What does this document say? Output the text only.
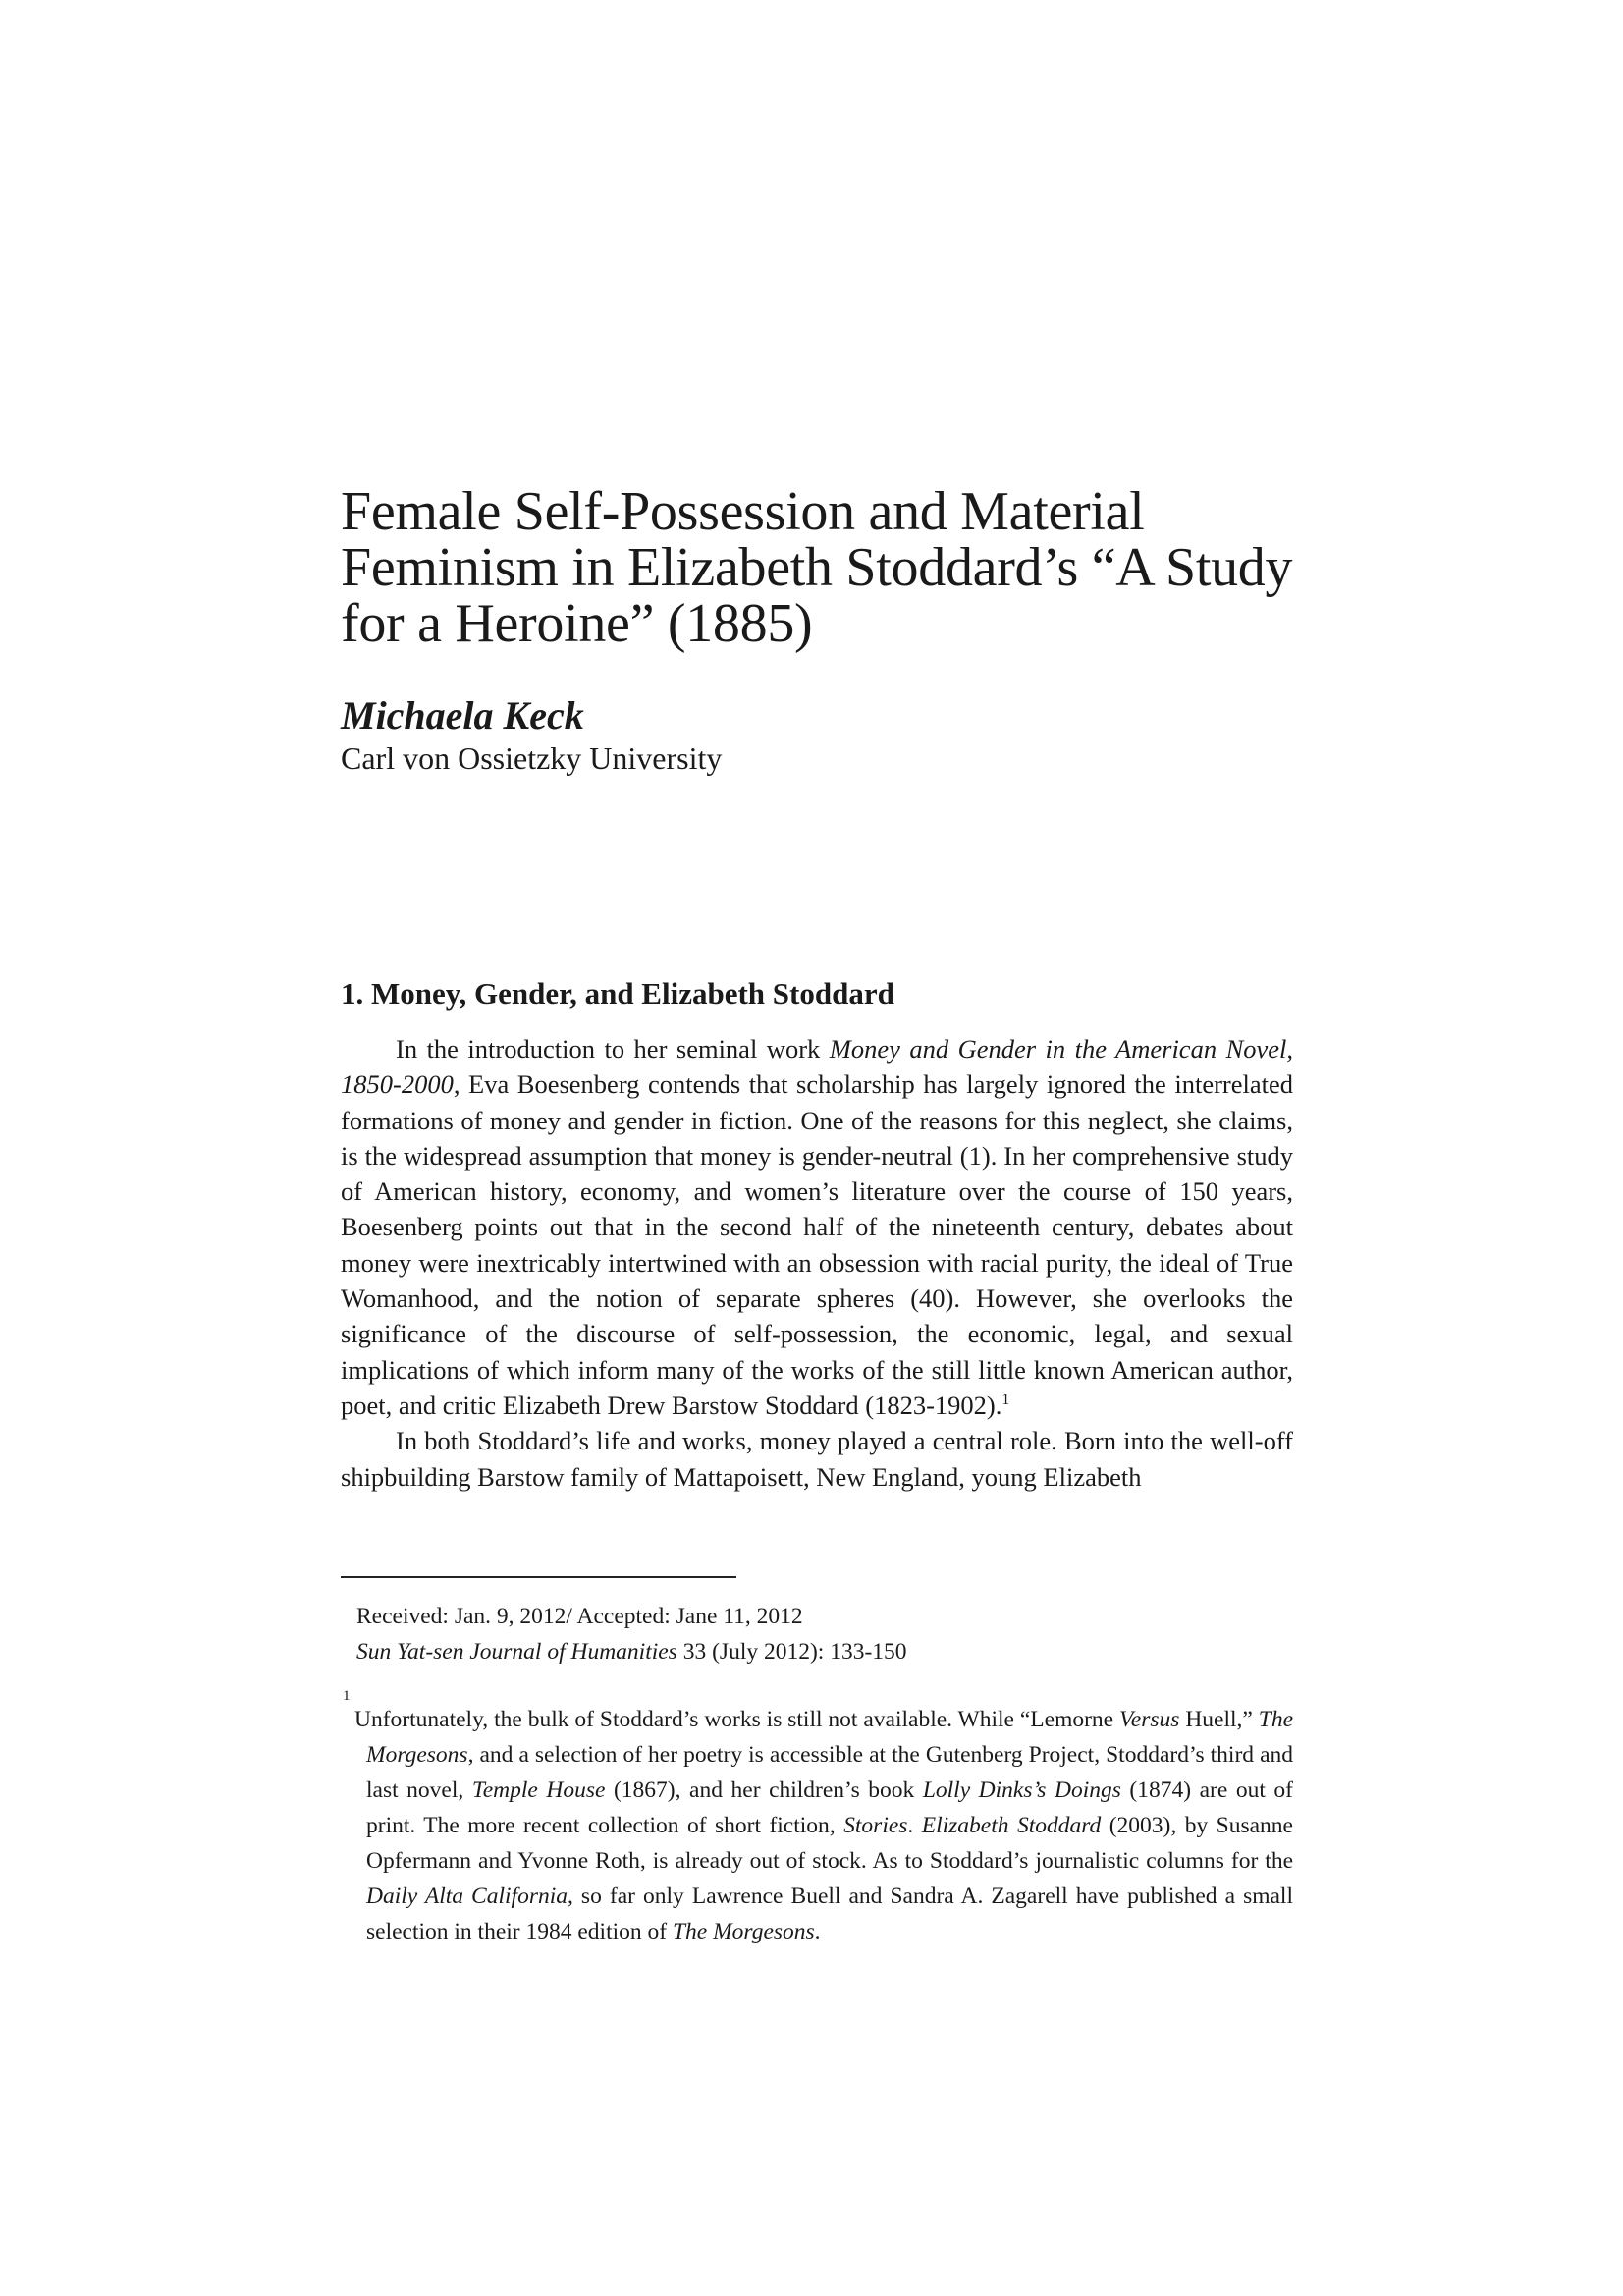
Female Self-Possession and Material Feminism in Elizabeth Stoddard’s “A Study for a Heroine” (1885)
Michaela Keck
Carl von Ossietzky University
1. Money, Gender, and Elizabeth Stoddard

In the introduction to her seminal work Money and Gender in the American Novel, 1850-2000, Eva Boesenberg contends that scholarship has largely ignored the interrelated formations of money and gender in fiction. One of the reasons for this neglect, she claims, is the widespread assumption that money is gender-neutral (1). In her comprehensive study of American history, economy, and women’s literature over the course of 150 years, Boesenberg points out that in the second half of the nineteenth century, debates about money were inextricably intertwined with an obsession with racial purity, the ideal of True Womanhood, and the notion of separate spheres (40). However, she overlooks the significance of the discourse of self-possession, the economic, legal, and sexual implications of which inform many of the works of the still little known American author, poet, and critic Elizabeth Drew Barstow Stoddard (1823-1902).$^1$

In both Stoddard’s life and works, money played a central role. Born into the well-off shipbuilding Barstow family of Mattapoisett, New England, young Elizabeth

Received: Jan. 9, 2012/ Accepted: Jane 11, 2012
Sun Yat-sen Journal of Humanities 33 (July 2012): 133-150
1

Unfortunately, the bulk of Stoddard’s works is still not available. While “Lemorne Versus Huell,” The Morgesons, and a selection of her poetry is accessible at the Gutenberg Project, Stoddard’s third and last novel, Temple House (1867), and her children’s book Lolly Dinks’s Doings (1874) are out of print. The more recent collection of short fiction, Stories. Elizabeth Stoddard (2003), by Susanne Opfermann and Yvonne Roth, is already out of stock. As to Stoddard’s journalistic columns for the Daily Alta California, so far only Lawrence Buell and Sandra A. Zagarell have published a small selection in their 1984 edition of The Morgesons.
